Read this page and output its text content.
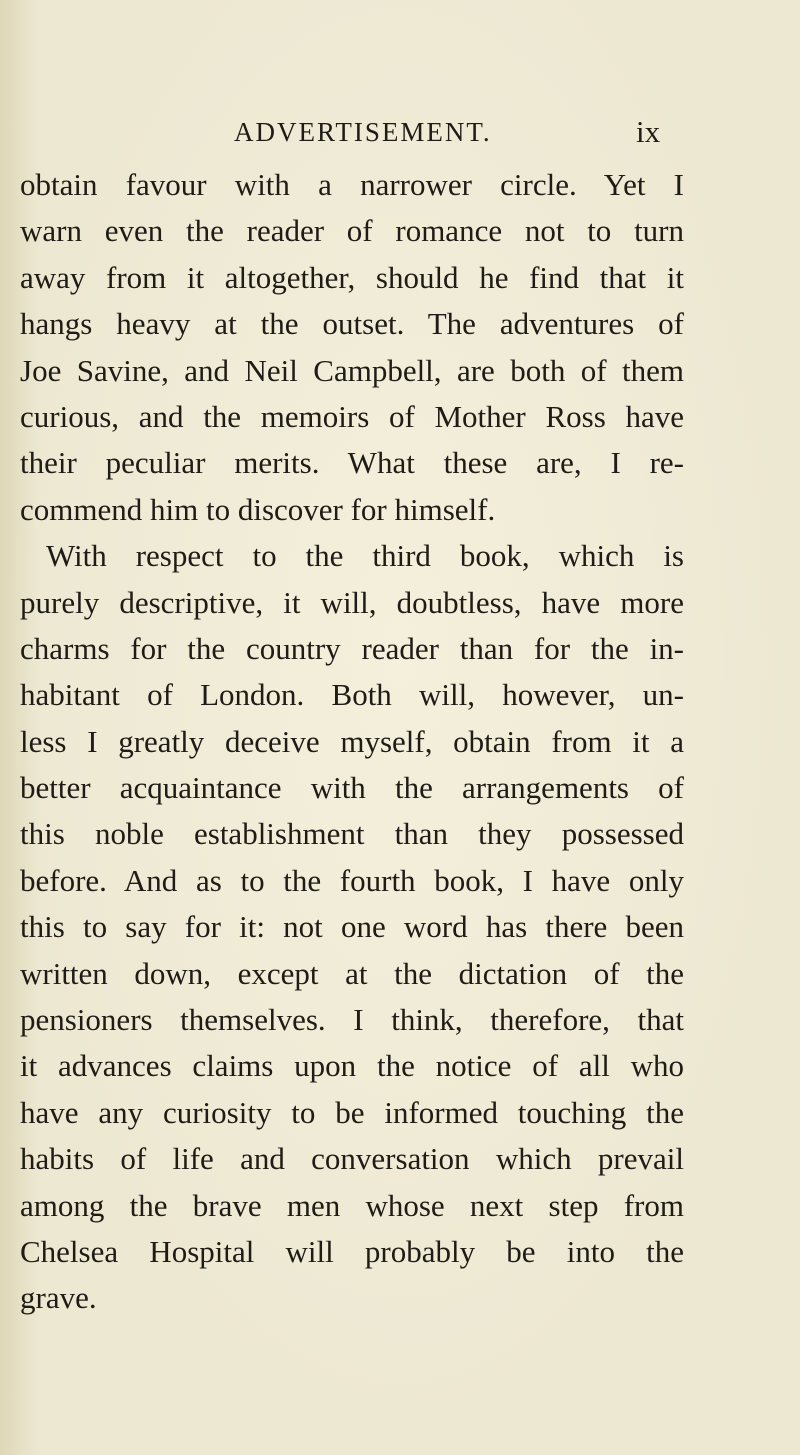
ADVERTISEMENT.	ix
obtain favour with a narrower circle. Yet I
warn even the reader of romance not to turn
away from it altogether, should he find that it
hangs heavy at the outset. The adventures of
Joe Savine, and Neil Campbell, are both of them
curious, and the memoirs of Mother Ross have
their peculiar merits. What these are, I re-
commend him to discover for himself.
With respect to the third book, which is
purely descriptive, it will, doubtless, have more
charms for the country reader than for the in-
habitant of London. Both will, however, un-
less I greatly deceive myself, obtain from it a
better acquaintance with the arrangements of
this noble establishment than they possessed
before. And as to the fourth book, I have only
this to say for it: not one word has there been
written down, except at the dictation of the
pensioners themselves. I think, therefore, that
it advances claims upon the notice of all who
have any curiosity to be informed touching the
habits of life and conversation which prevail
among the brave men whose next step from
Chelsea Hospital will probably be into the
grave.
